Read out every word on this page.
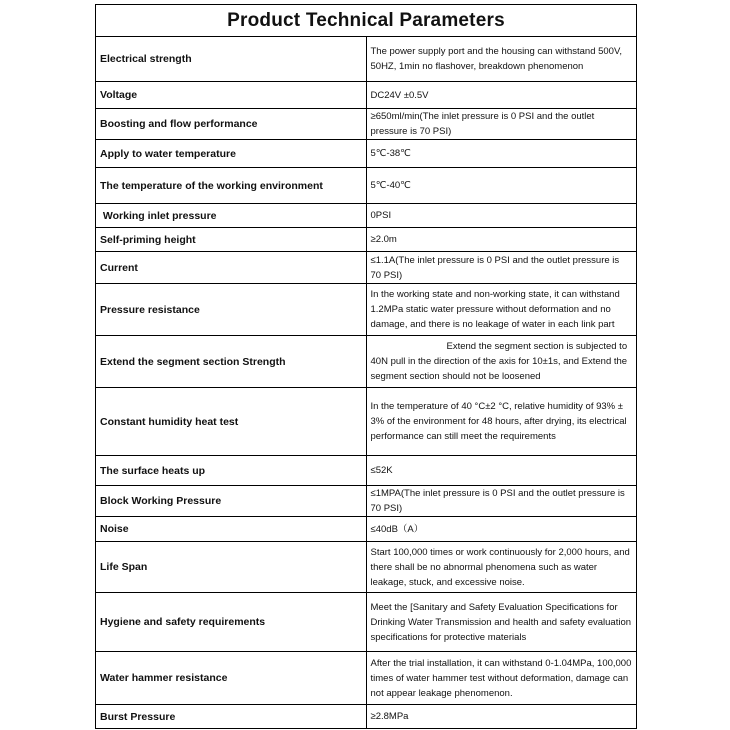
Product Technical Parameters	
Electrical strength	The power supply port and the housing can withstand 500V, 50HZ, 1min no flashover, breakdown phenomenon
Voltage	DC24V ±0.5V
Boosting and flow performance	≥650ml/min(The inlet pressure is 0 PSI and the outlet pressure is 70 PSI)
Apply to water temperature	5℃-38℃
The temperature of the working environment	5℃-40℃
Working inlet pressure	0PSI
Self-priming height	≥2.0m
Current	≤1.1A(The inlet pressure is 0 PSI and the outlet pressure is 70 PSI)
Pressure resistance	In the working state and non-working state, it can withstand 1.2MPa static water pressure without deformation and no damage, and there is no leakage of water in each link part
Extend the segment section Strength	Extend the segment section is subjected to 40N pull in the direction of the axis for 10±1s, and Extend the segment section should not be loosened

Constant humidity heat test	In the temperature of 40 °C±2 °C, relative humidity of 93% ± 3% of the environment for 48 hours, after drying, its electrical performance can still meet the requirements
The surface heats up	≤52K
Block Working Pressure	≤1MPA(The inlet pressure is 0 PSI and the outlet pressure is 70 PSI)
Noise	≤40dB（A）
Life Span	Start 100,000 times or work continuously for 2,000 hours, and there shall be no abnormal phenomena such as water leakage, stuck, and excessive noise.
Hygiene and safety requirements	Meet the [Sanitary and Safety Evaluation Specifications for Drinking Water Transmission and health and safety evaluation specifications for protective materials
Water hammer resistance	After the trial installation, it can withstand 0-1.04MPa, 100,000 times of water hammer test without deformation, damage can not appear leakage phenomenon.
Burst Pressure	≥2.8MPa
